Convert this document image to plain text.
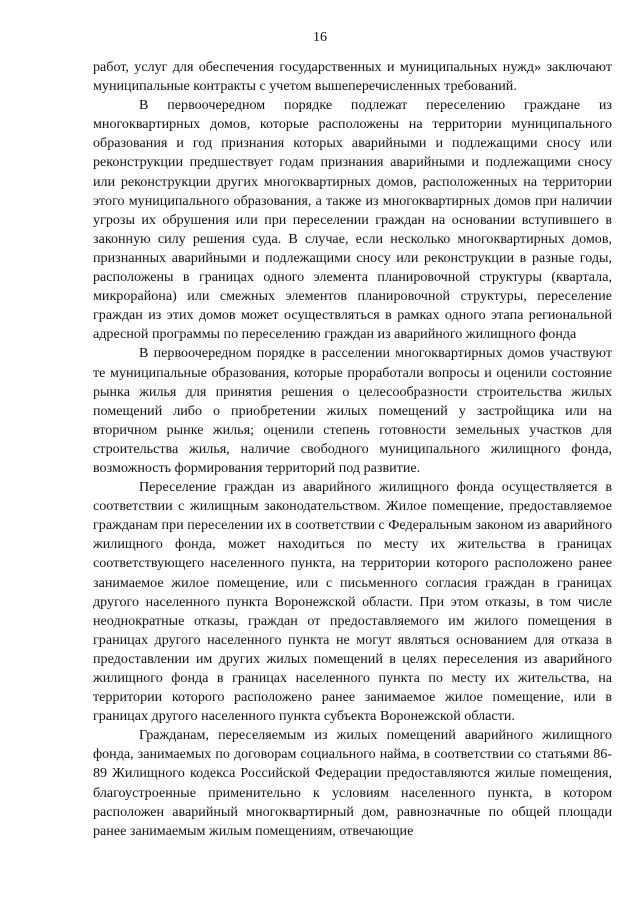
16

работ, услуг для обеспечения государственных и муниципальных нужд» заключают муниципальные контракты с учетом вышеперечисленных требований.

В первоочередном порядке подлежат переселению граждане из многоквартирных домов, которые расположены на территории муниципального образования и год признания которых аварийными и подлежащими сносу или реконструкции предшествует годам признания аварийными и подлежащими сносу или реконструкции других многоквартирных домов, расположенных на территории этого муниципального образования, а также из многоквартирных домов при наличии угрозы их обрушения или при переселении граждан на основании вступившего в законную силу решения суда. В случае, если несколько многоквартирных домов, признанных аварийными и подлежащими сносу или реконструкции в разные годы, расположены в границах одного элемента планировочной структуры (квартала, микрорайона) или смежных элементов планировочной структуры, переселение граждан из этих домов может осуществляться в рамках одного этапа региональной адресной программы по переселению граждан из аварийного жилищного фонда

В первоочередном порядке в расселении многоквартирных домов участвуют те муниципальные образования, которые проработали вопросы и оценили состояние рынка жилья для принятия решения о целесообразности строительства жилых помещений либо о приобретении жилых помещений у застройщика или на вторичном рынке жилья; оценили степень готовности земельных участков для строительства жилья, наличие свободного муниципального жилищного фонда, возможность формирования территорий под развитие.

Переселение граждан из аварийного жилищного фонда осуществляется в соответствии с жилищным законодательством. Жилое помещение, предоставляемое гражданам при переселении их в соответствии с Федеральным законом из аварийного жилищного фонда, может находиться по месту их жительства в границах соответствующего населенного пункта, на территории которого расположено ранее занимаемое жилое помещение, или с письменного согласия граждан в границах другого населенного пункта Воронежской области. При этом отказы, в том числе неоднократные отказы, граждан от предоставляемого им жилого помещения в границах другого населенного пункта не могут являться основанием для отказа в предоставлении им других жилых помещений в целях переселения из аварийного жилищного фонда в границах населенного пункта по месту их жительства, на территории которого расположено ранее занимаемое жилое помещение, или в границах другого населенного пункта субъекта Воронежской области.

Гражданам, переселяемым из жилых помещений аварийного жилищного фонда, занимаемых по договорам социального найма, в соответствии со статьями 86-89 Жилищного кодекса Российской Федерации предоставляются жилые помещения, благоустроенные применительно к условиям населенного пункта, в котором расположен аварийный многоквартирный дом, равнозначные по общей площади ранее занимаемым жилым помещениям, отвечающие
